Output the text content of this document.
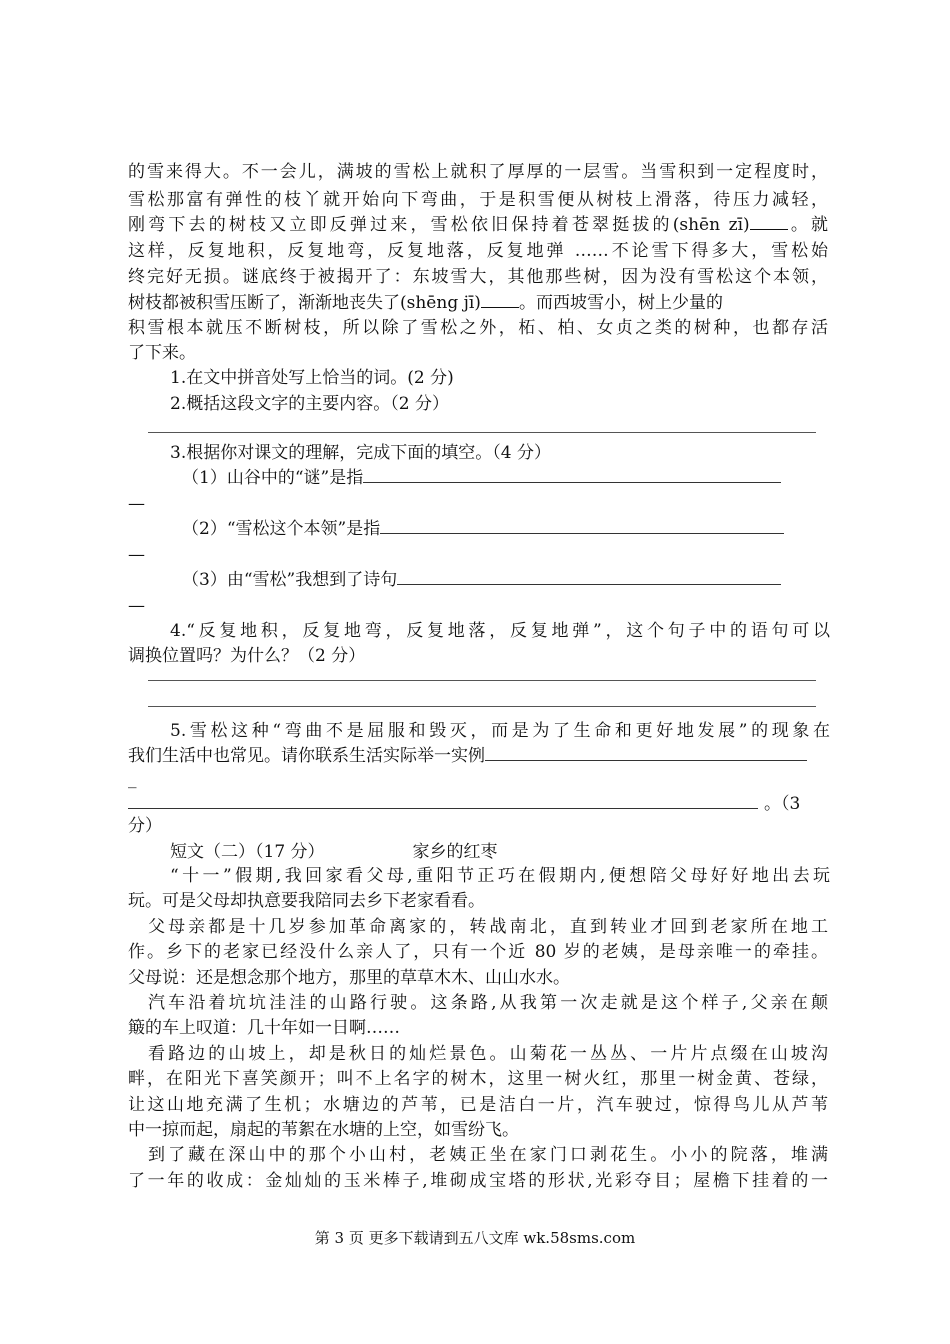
的雪来得大。不一会儿，满坡的雪松上就积了厚厚的一层雪。当雪积到一定程度时，
雪松那富有弹性的枝丫就开始向下弯曲，于是积雪便从树枝上滑落，待压力减轻，
刚弯下去的树枝又立即反弹过来，雪松依旧保持着苍翠挺拔的(shēn zī) 。就
这样，反复地积，反复地弯，反复地落，反复地弹 ……不论雪下得多大，雪松始
终完好无损。谜底终于被揭开了：东坡雪大，其他那些树，因为没有雪松这个本领，
树枝都被积雪压断了，渐渐地丧失了(shēng jī) 。而西坡雪小，树上少量的
积雪根本就压不断树枝，所以除了雪松之外，柘、柏、女贞之类的树种，也都存活
了下来。
1.在文中拼音处写上恰当的词。(2 分)
2.概括这段文字的主要内容。（2 分）
3.根据你对课文的理解，完成下面的填空。（4 分）
（1）山谷中的“谜”是指
—
（2）“雪松这个本领”是指
—
（3）由“雪松”我想到了诗句
—
4.“反复地积，反复地弯，反复地落，反复地弹”，这个句子中的语句可以
调换位置吗？为什么？（2 分）
5.雪松这种“弯曲不是屈服和毁灭，而是为了生命和更好地发展”的现象在
我们生活中也常见。请你联系生活实际举一实例
_
。（3
分）
短文（二）（17 分）	家乡的红枣
“十一”假期,我回家看父母,重阳节正巧在假期内,便想陪父母好好地出去玩
玩。可是父母却执意要我陪同去乡下老家看看。
父母亲都是十几岁参加革命离家的，转战南北，直到转业才回到老家所在地工
作。乡下的老家已经没什么亲人了，只有一个近 80 岁的老姨，是母亲唯一的牵挂。
父母说：还是想念那个地方，那里的草草木木、山山水水。
汽车沿着坑坑洼洼的山路行驶。这条路,从我第一次走就是这个样子,父亲在颠
簸的车上叹道：几十年如一日啊……
看路边的山坡上，却是秋日的灿烂景色。山菊花一丛丛、一片片点缀在山坡沟
畔，在阳光下喜笑颜开；叫不上名字的树木，这里一树火红，那里一树金黄、苍绿，
让这山地充满了生机；水塘边的芦苇，已是洁白一片，汽车驶过，惊得鸟儿从芦苇
中一掠而起，扇起的苇絮在水塘的上空，如雪纷飞。
到了藏在深山中的那个小山村，老姨正坐在家门口剥花生。小小的院落，堆满
了一年的收成：金灿灿的玉米棒子,堆砌成宝塔的形状,光彩夺目；屋檐下挂着的一
第 3 页 更多下载请到五八文库 wk.58sms.com
